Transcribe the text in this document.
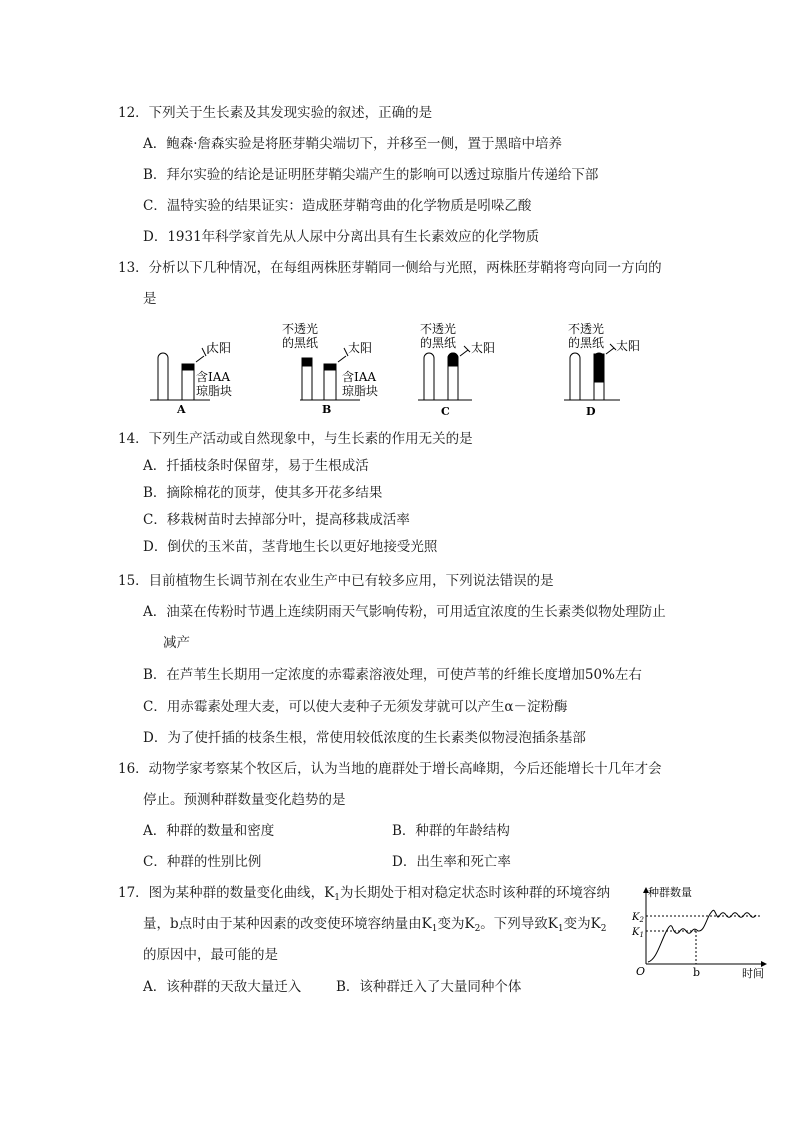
12．下列关于生长素及其发现实验的叙述，正确的是
A．鲍森·詹森实验是将胚芽鞘尖端切下，并移至一侧，置于黑暗中培养
B．拜尔实验的结论是证明胚芽鞘尖端产生的影响可以透过琼脂片传递给下部
C．温特实验的结果证实：造成胚芽鞘弯曲的化学物质是吲哚乙酸
D．1931年科学家首先从人尿中分离出具有生长素效应的化学物质
13．分析以下几种情况，在每组两株胚芽鞘同一侧给与光照，两株胚芽鞘将弯向同一方向的
是
太阳
含IAA
琼脂块
A
太阳
不透光
的黑纸
含IAA
琼脂块
B
太阳
不透光
的黑纸
C
太阳
不透光
的黑纸
D
14．下列生产活动或自然现象中，与生长素的作用无关的是
A．扦插枝条时保留芽，易于生根成活
B．摘除棉花的顶芽，使其多开花多结果
C．移栽树苗时去掉部分叶，提高移栽成活率
D．倒伏的玉米苗，茎背地生长以更好地接受光照
15．目前植物生长调节剂在农业生产中已有较多应用，下列说法错误的是
A．油菜在传粉时节遇上连续阴雨天气影响传粉，可用适宜浓度的生长素类似物处理防止
减产
B．在芦苇生长期用一定浓度的赤霉素溶液处理，可使芦苇的纤维长度增加50%左右
C．用赤霉素处理大麦，可以使大麦种子无须发芽就可以产生α－淀粉酶
D．为了使扦插的枝条生根，常使用较低浓度的生长素类似物浸泡插条基部
16．动物学家考察某个牧区后，认为当地的鹿群处于增长高峰期，今后还能增长十几年才会
停止。预测种群数量变化趋势的是
A．种群的数量和密度	B．种群的年龄结构
C．种群的性别比例	D．出生率和死亡率
17．图为某种群的数量变化曲线，$K_1$为长期处于相对稳定状态时该种群的环境容纳
量，b点时由于某种因素的改变使环境容纳量由$K_1$变为$K_2$。下列导致$K_1$变为$K_2$
的原因中，最可能的是
A．该种群的天敌大量迁入	B．该种群迁入了大量同种个体
种群数量
时间
O	b
$K_2$
$K_1$
